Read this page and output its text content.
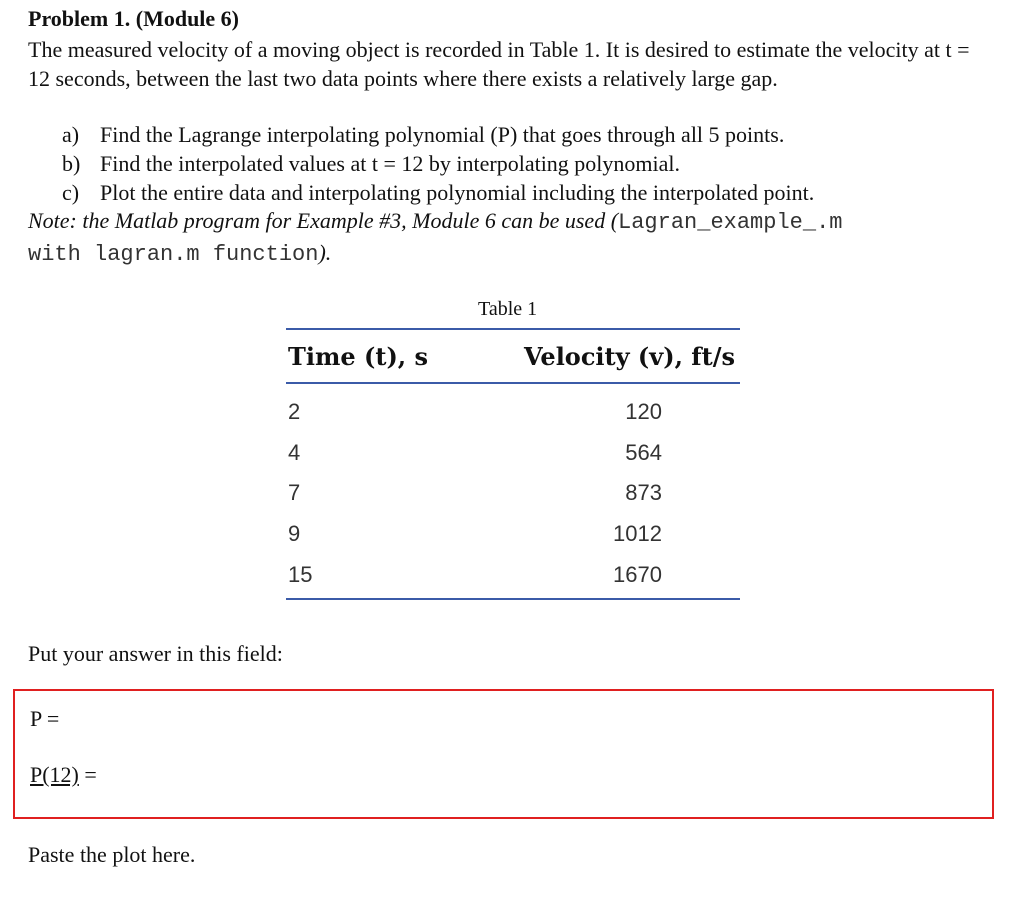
Problem 1. (Module 6)
The measured velocity of a moving object is recorded in Table 1. It is desired to estimate the velocity at t = 12 seconds, between the last two data points where there exists a relatively large gap.
a) Find the Lagrange interpolating polynomial (P) that goes through all 5 points.
b) Find the interpolated values at t = 12 by interpolating polynomial.
c) Plot the entire data and interpolating polynomial including the interpolated point.
Note: the Matlab program for Example #3, Module 6 can be used (Lagran_example_.m
with lagran.m function).
Table 1
Time (t), s	Velocity (v), ft/s
2	120
4	564
7	873
9	1012
15	1670
Put your answer in this field:
P =
P(12) =
Paste the plot here.
